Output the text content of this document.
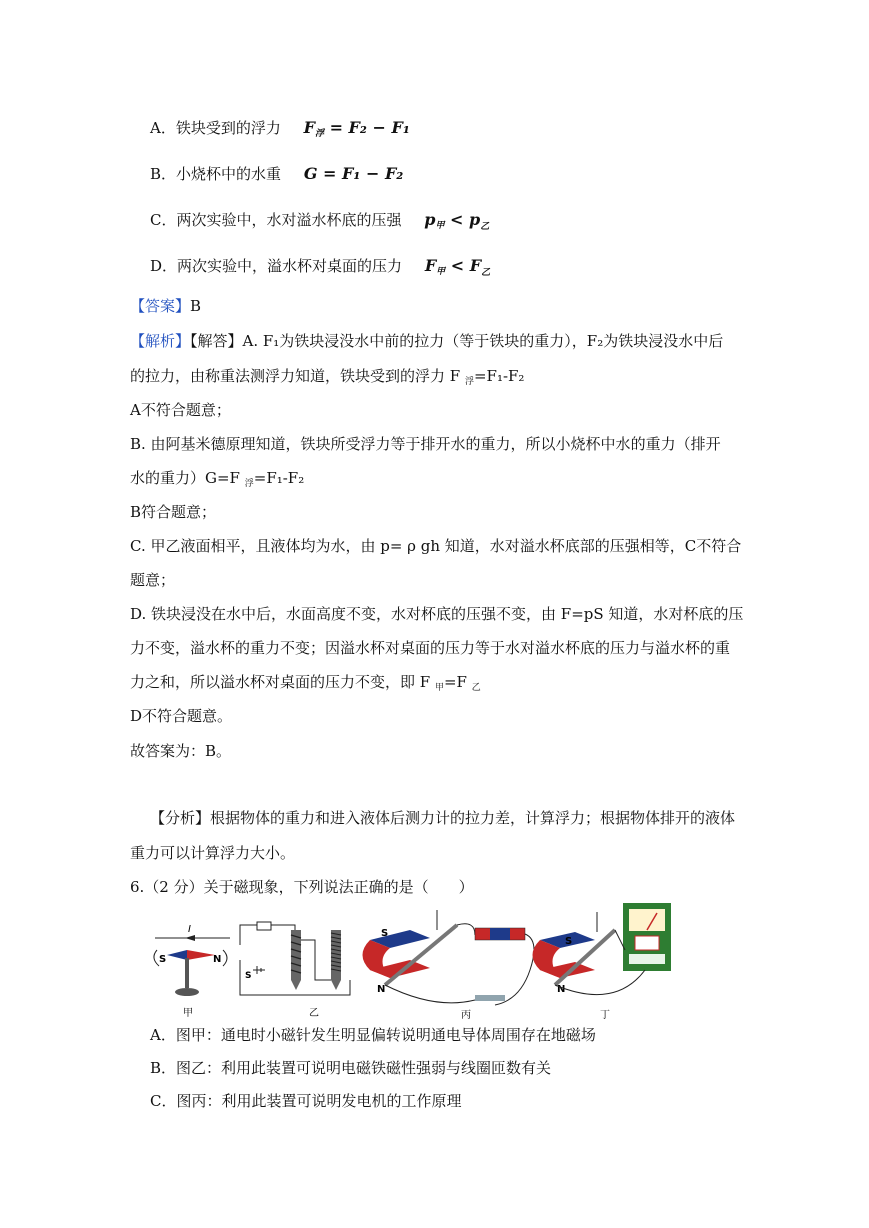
A．铁块受到的浮力 $F_浮 = F_2 - F_1$
B．小烧杯中的水重 G = F₁ − F₂
C．两次实验中，水对溢水杯底的压强 $p_甲 < p_乙$
D．两次实验中，溢水杯对桌面的压力 $F_甲 < F_乙$
【答案】B
【解析】【解答】A. F₁为铁块浸没水中前的拉力（等于铁块的重力），F₂为铁块浸没水中后
的拉力，由称重法测浮力知道，铁块受到的浮力 F $_浮$=F₁-F₂
A不符合题意；
B. 由阿基米德原理知道，铁块所受浮力等于排开水的重力，所以小烧杯中水的重力（排开
水的重力）G=F $_浮$=F₁-F₂
B符合题意；
C. 甲乙液面相平，且液体均为水，由 p= ρ gh 知道，水对溢水杯底部的压强相等，C不符合
题意；
D. 铁块浸没在水中后，水面高度不变，水对杯底的压强不变，由 F=pS 知道，水对杯底的压
力不变，溢水杯的重力不变；因溢水杯对桌面的压力等于水对溢水杯底的压力与溢水杯的重
力之和，所以溢水杯对桌面的压力不变，即 F $_甲$=F $_乙$
D不符合题意。
故答案为：B。
【分析】根据物体的重力和进入液体后测力计的拉力差，计算浮力；根据物体排开的液体
重力可以计算浮力大小。
6.（2 分）关于磁现象，下列说法正确的是（　　）
I
S	N
甲
S
乙
S
N
丙
S
N
丁
A．图甲：通电时小磁针发生明显偏转说明通电导体周围存在地磁场
B．图乙：利用此装置可说明电磁铁磁性强弱与线圈匝数有关
C．图丙：利用此装置可说明发电机的工作原理
